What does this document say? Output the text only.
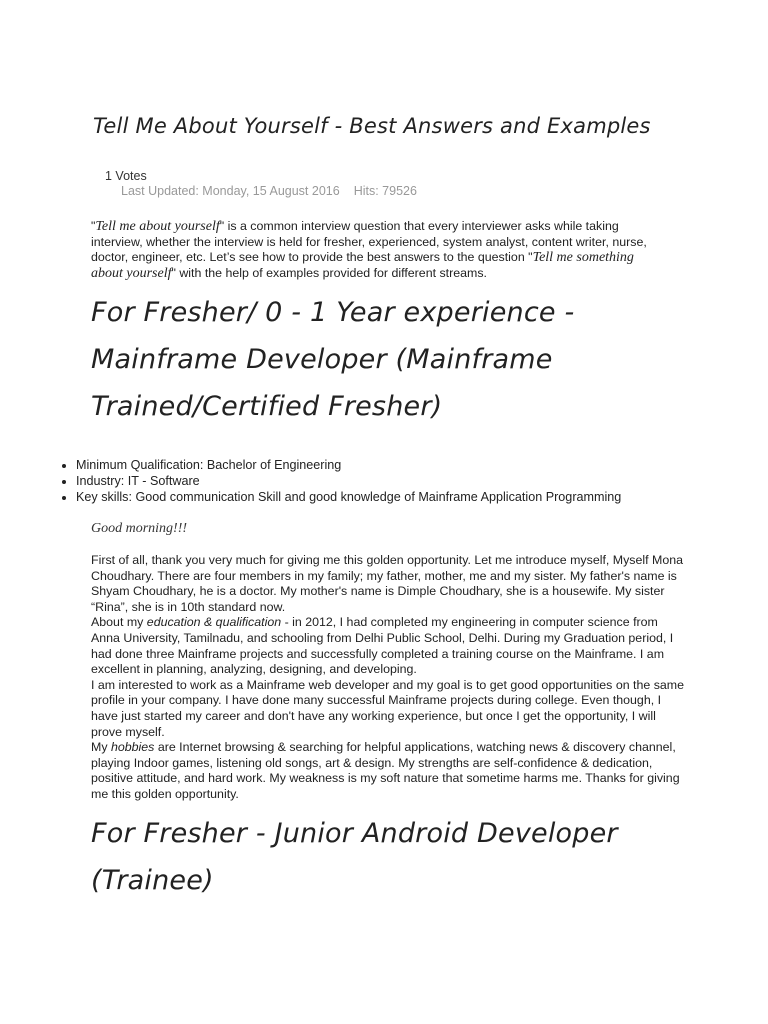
Tell Me About Yourself - Best Answers and Examples
1 Votes
Last Updated: Monday, 15 August 2016 Hits: 79526

"Tell me about yourself" is a common interview question that every interviewer asks while taking interview, whether the interview is held for fresher, experienced, system analyst, content writer, nurse, doctor, engineer, etc. Let’s see how to provide the best answers to the question "Tell me something about yourself" with the help of examples provided for different streams.

For Fresher/ 0 - 1 Year experience - Mainframe Developer (Mainframe Trained/Certified Fresher)
• Minimum Qualification: Bachelor of Engineering
• Industry: IT - Software
• Key skills: Good communication Skill and good knowledge of Mainframe Application Programming
Good morning!!!

First of all, thank you very much for giving me this golden opportunity. Let me introduce myself, Myself Mona Choudhary. There are four members in my family; my father, mother, me and my sister. My father's name is Shyam Choudhary, he is a doctor. My mother's name is Dimple Choudhary, she is a housewife. My sister “Rina”, she is in 10th standard now.

About my education & qualification - in 2012, I had completed my engineering in computer science from Anna University, Tamilnadu, and schooling from Delhi Public School, Delhi. During my Graduation period, I had done three Mainframe projects and successfully completed a training course on the Mainframe. I am excellent in planning, analyzing, designing, and developing.

I am interested to work as a Mainframe web developer and my goal is to get good opportunities on the same profile in your company. I have done many successful Mainframe projects during college. Even though, I have just started my career and don't have any working experience, but once I get the opportunity, I will prove myself.

My hobbies are Internet browsing & searching for helpful applications, watching news & discovery channel, playing Indoor games, listening old songs, art & design. My strengths are self-confidence & dedication, positive attitude, and hard work. My weakness is my soft nature that sometime harms me. Thanks for giving me this golden opportunity.

For Fresher - Junior Android Developer (Trainee)
